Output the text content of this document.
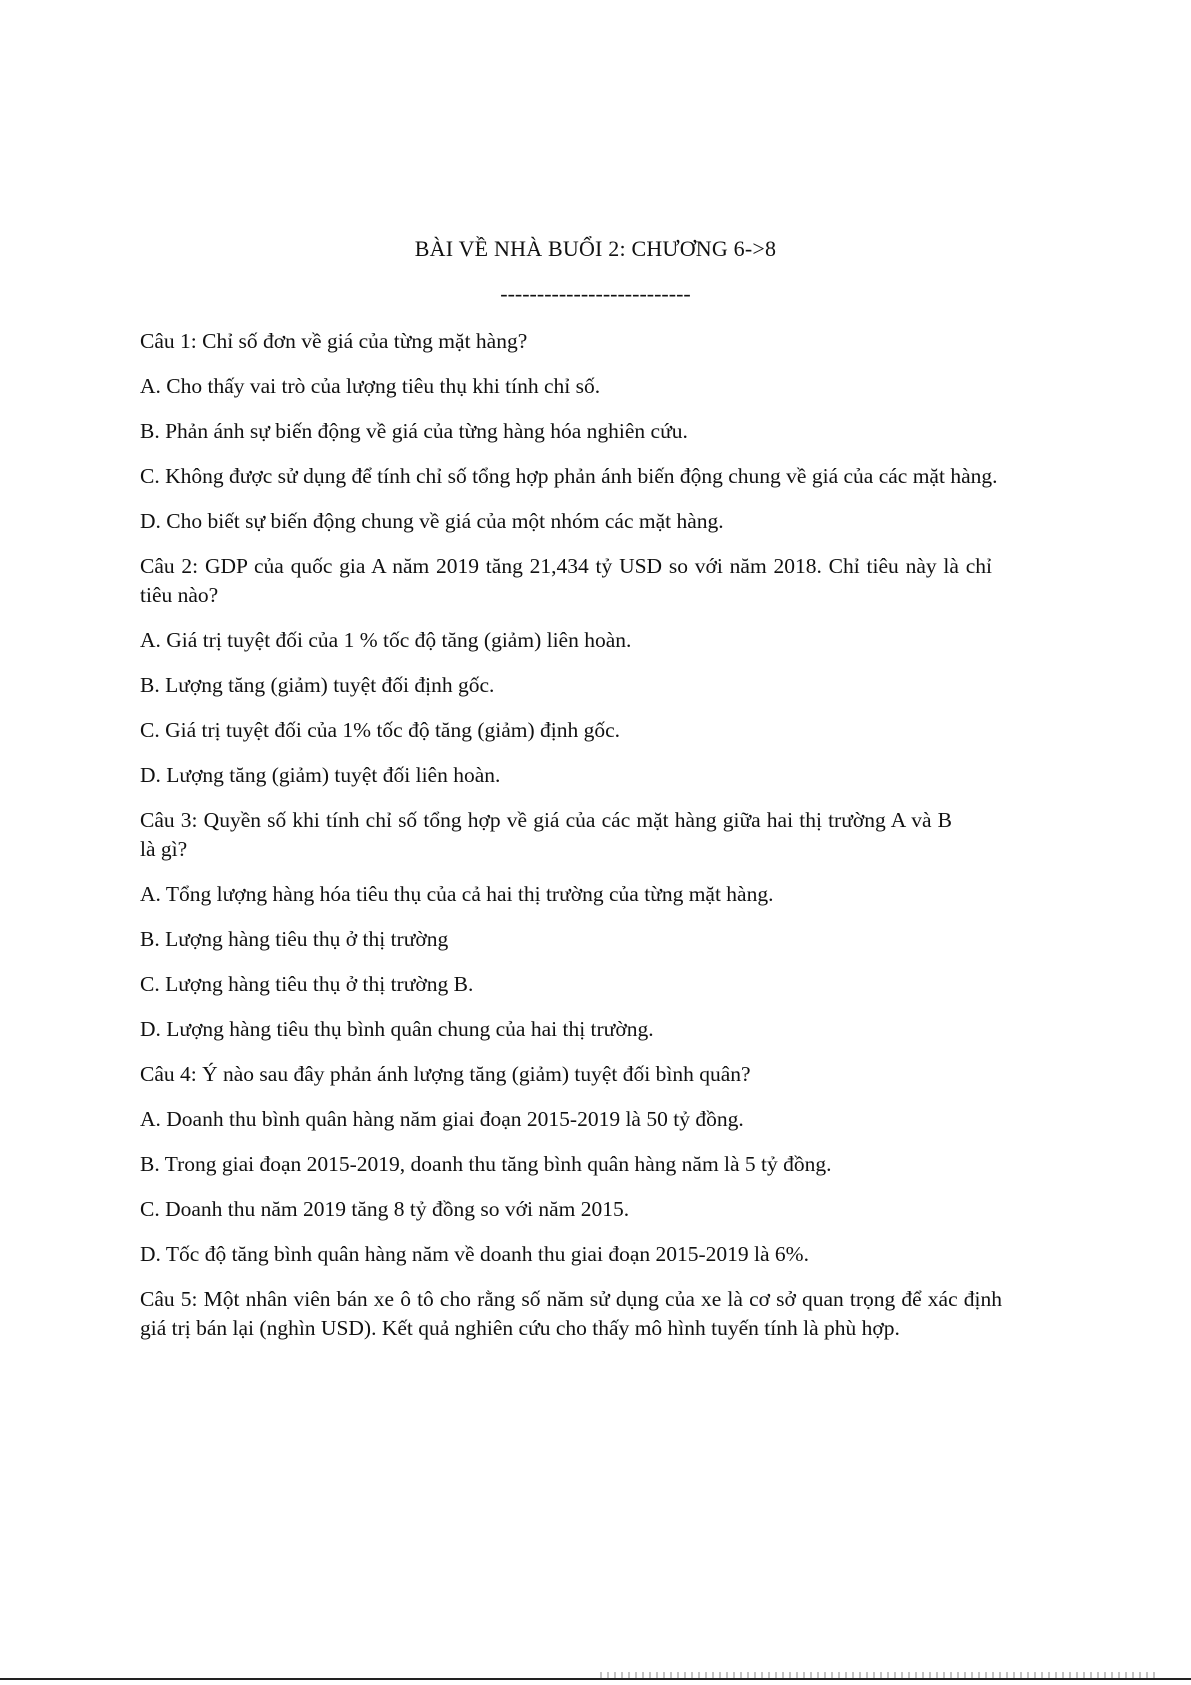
BÀI VỀ NHÀ BUỔI 2: CHƯƠNG 6->8
--------------------------

Câu 1: Chỉ số đơn về giá của từng mặt hàng?

A. Cho thấy vai trò của lượng tiêu thụ khi tính chỉ số.

B. Phản ánh sự biến động về giá của từng hàng hóa nghiên cứu.

C. Không được sử dụng để tính chỉ số tổng hợp phản ánh biến động chung về giá của các mặt hàng.

D. Cho biết sự biến động chung về giá của một nhóm các mặt hàng.

Câu 2: GDP của quốc gia A năm 2019 tăng 21,434 tỷ USD so với năm 2018. Chỉ tiêu này là chỉ tiêu nào?

A. Giá trị tuyệt đối của 1 % tốc độ tăng (giảm) liên hoàn.

B. Lượng tăng (giảm) tuyệt đối định gốc.

C. Giá trị tuyệt đối của 1% tốc độ tăng (giảm) định gốc.

D. Lượng tăng (giảm) tuyệt đối liên hoàn.

Câu 3: Quyền số khi tính chỉ số tổng hợp về giá của các mặt hàng giữa hai thị trường A và B là gì?

A. Tổng lượng hàng hóa tiêu thụ của cả hai thị trường của từng mặt hàng.

B. Lượng hàng tiêu thụ ở thị trường

C. Lượng hàng tiêu thụ ở thị trường B.

D. Lượng hàng tiêu thụ bình quân chung của hai thị trường.

Câu 4: Ý nào sau đây phản ánh lượng tăng (giảm) tuyệt đối bình quân?

A. Doanh thu bình quân hàng năm giai đoạn 2015-2019 là 50 tỷ đồng.

B. Trong giai đoạn 2015-2019, doanh thu tăng bình quân hàng năm là 5 tỷ đồng.

C. Doanh thu năm 2019 tăng 8 tỷ đồng so với năm 2015.

D. Tốc độ tăng bình quân hàng năm về doanh thu giai đoạn 2015-2019 là 6%.

Câu 5: Một nhân viên bán xe ô tô cho rằng số năm sử dụng của xe là cơ sở quan trọng để xác định giá trị bán lại (nghìn USD). Kết quả nghiên cứu cho thấy mô hình tuyến tính là phù hợp.
